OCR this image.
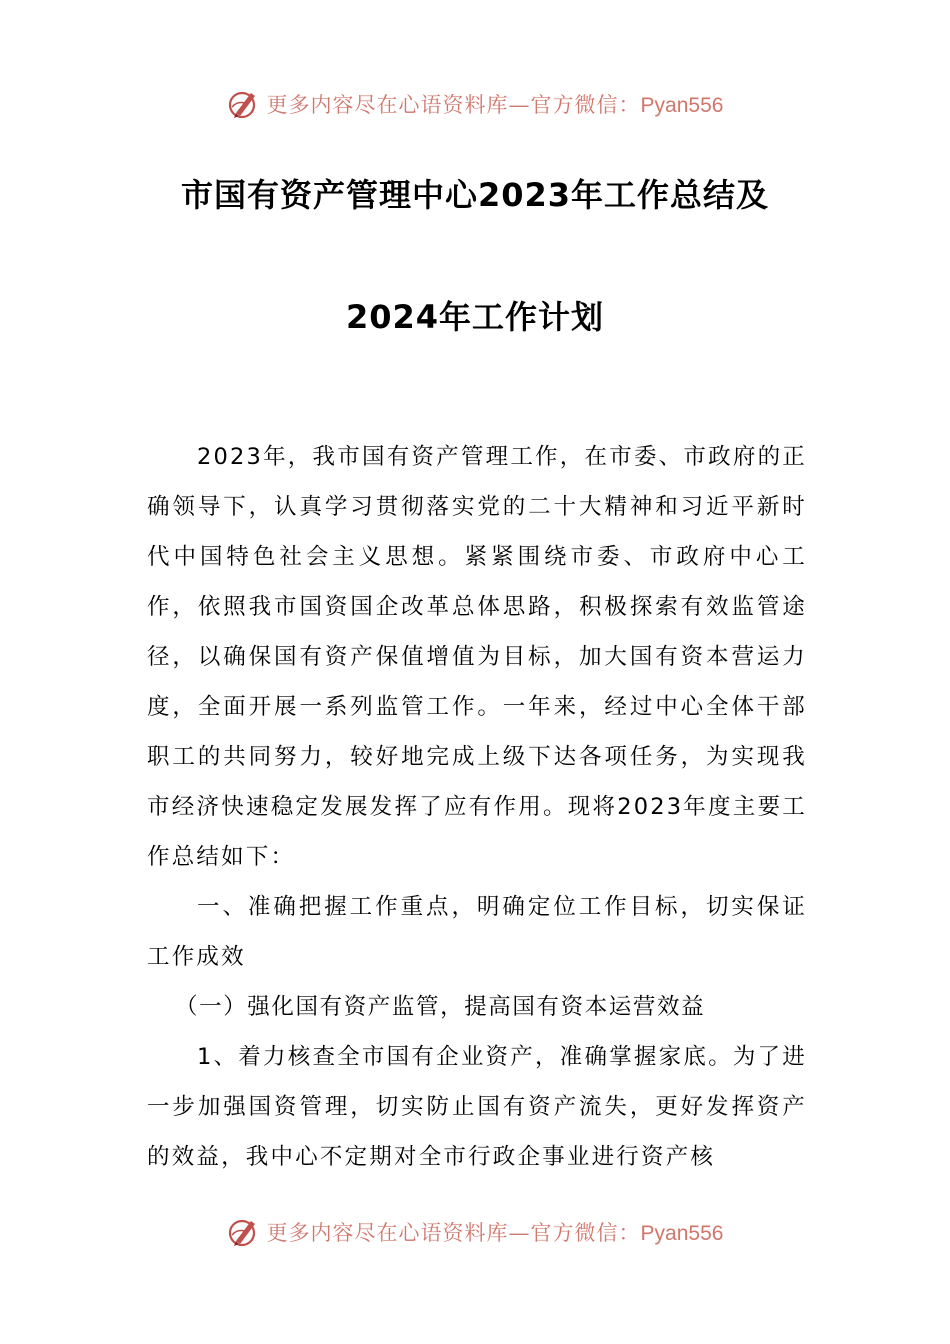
更多内容尽在心语资料库—官方微信：Pyan556
市国有资产管理中心2023年工作总结及
2024年工作计划

2023年，我市国有资产管理工作，在市委、市政府的正确领导下，认真学习贯彻落实党的二十大精神和习近平新时代中国特色社会主义思想。紧紧围绕市委、市政府中心工作，依照我市国资国企改革总体思路，积极探索有效监管途径，以确保国有资产保值增值为目标，加大国有资本营运力度，全面开展一系列监管工作。一年来，经过中心全体干部职工的共同努力，较好地完成上级下达各项任务，为实现我市经济快速稳定发展发挥了应有作用。现将2023年度主要工作总结如下：

一、准确把握工作重点，明确定位工作目标，切实保证工作成效

（一）强化国有资产监管，提高国有资本运营效益

1、着力核查全市国有企业资产，准确掌握家底。为了进一步加强国资管理，切实防止国有资产流失，更好发挥资产的效益，我中心不定期对全市行政企事业进行资产核

更多内容尽在心语资料库—官方微信：Pyan556
